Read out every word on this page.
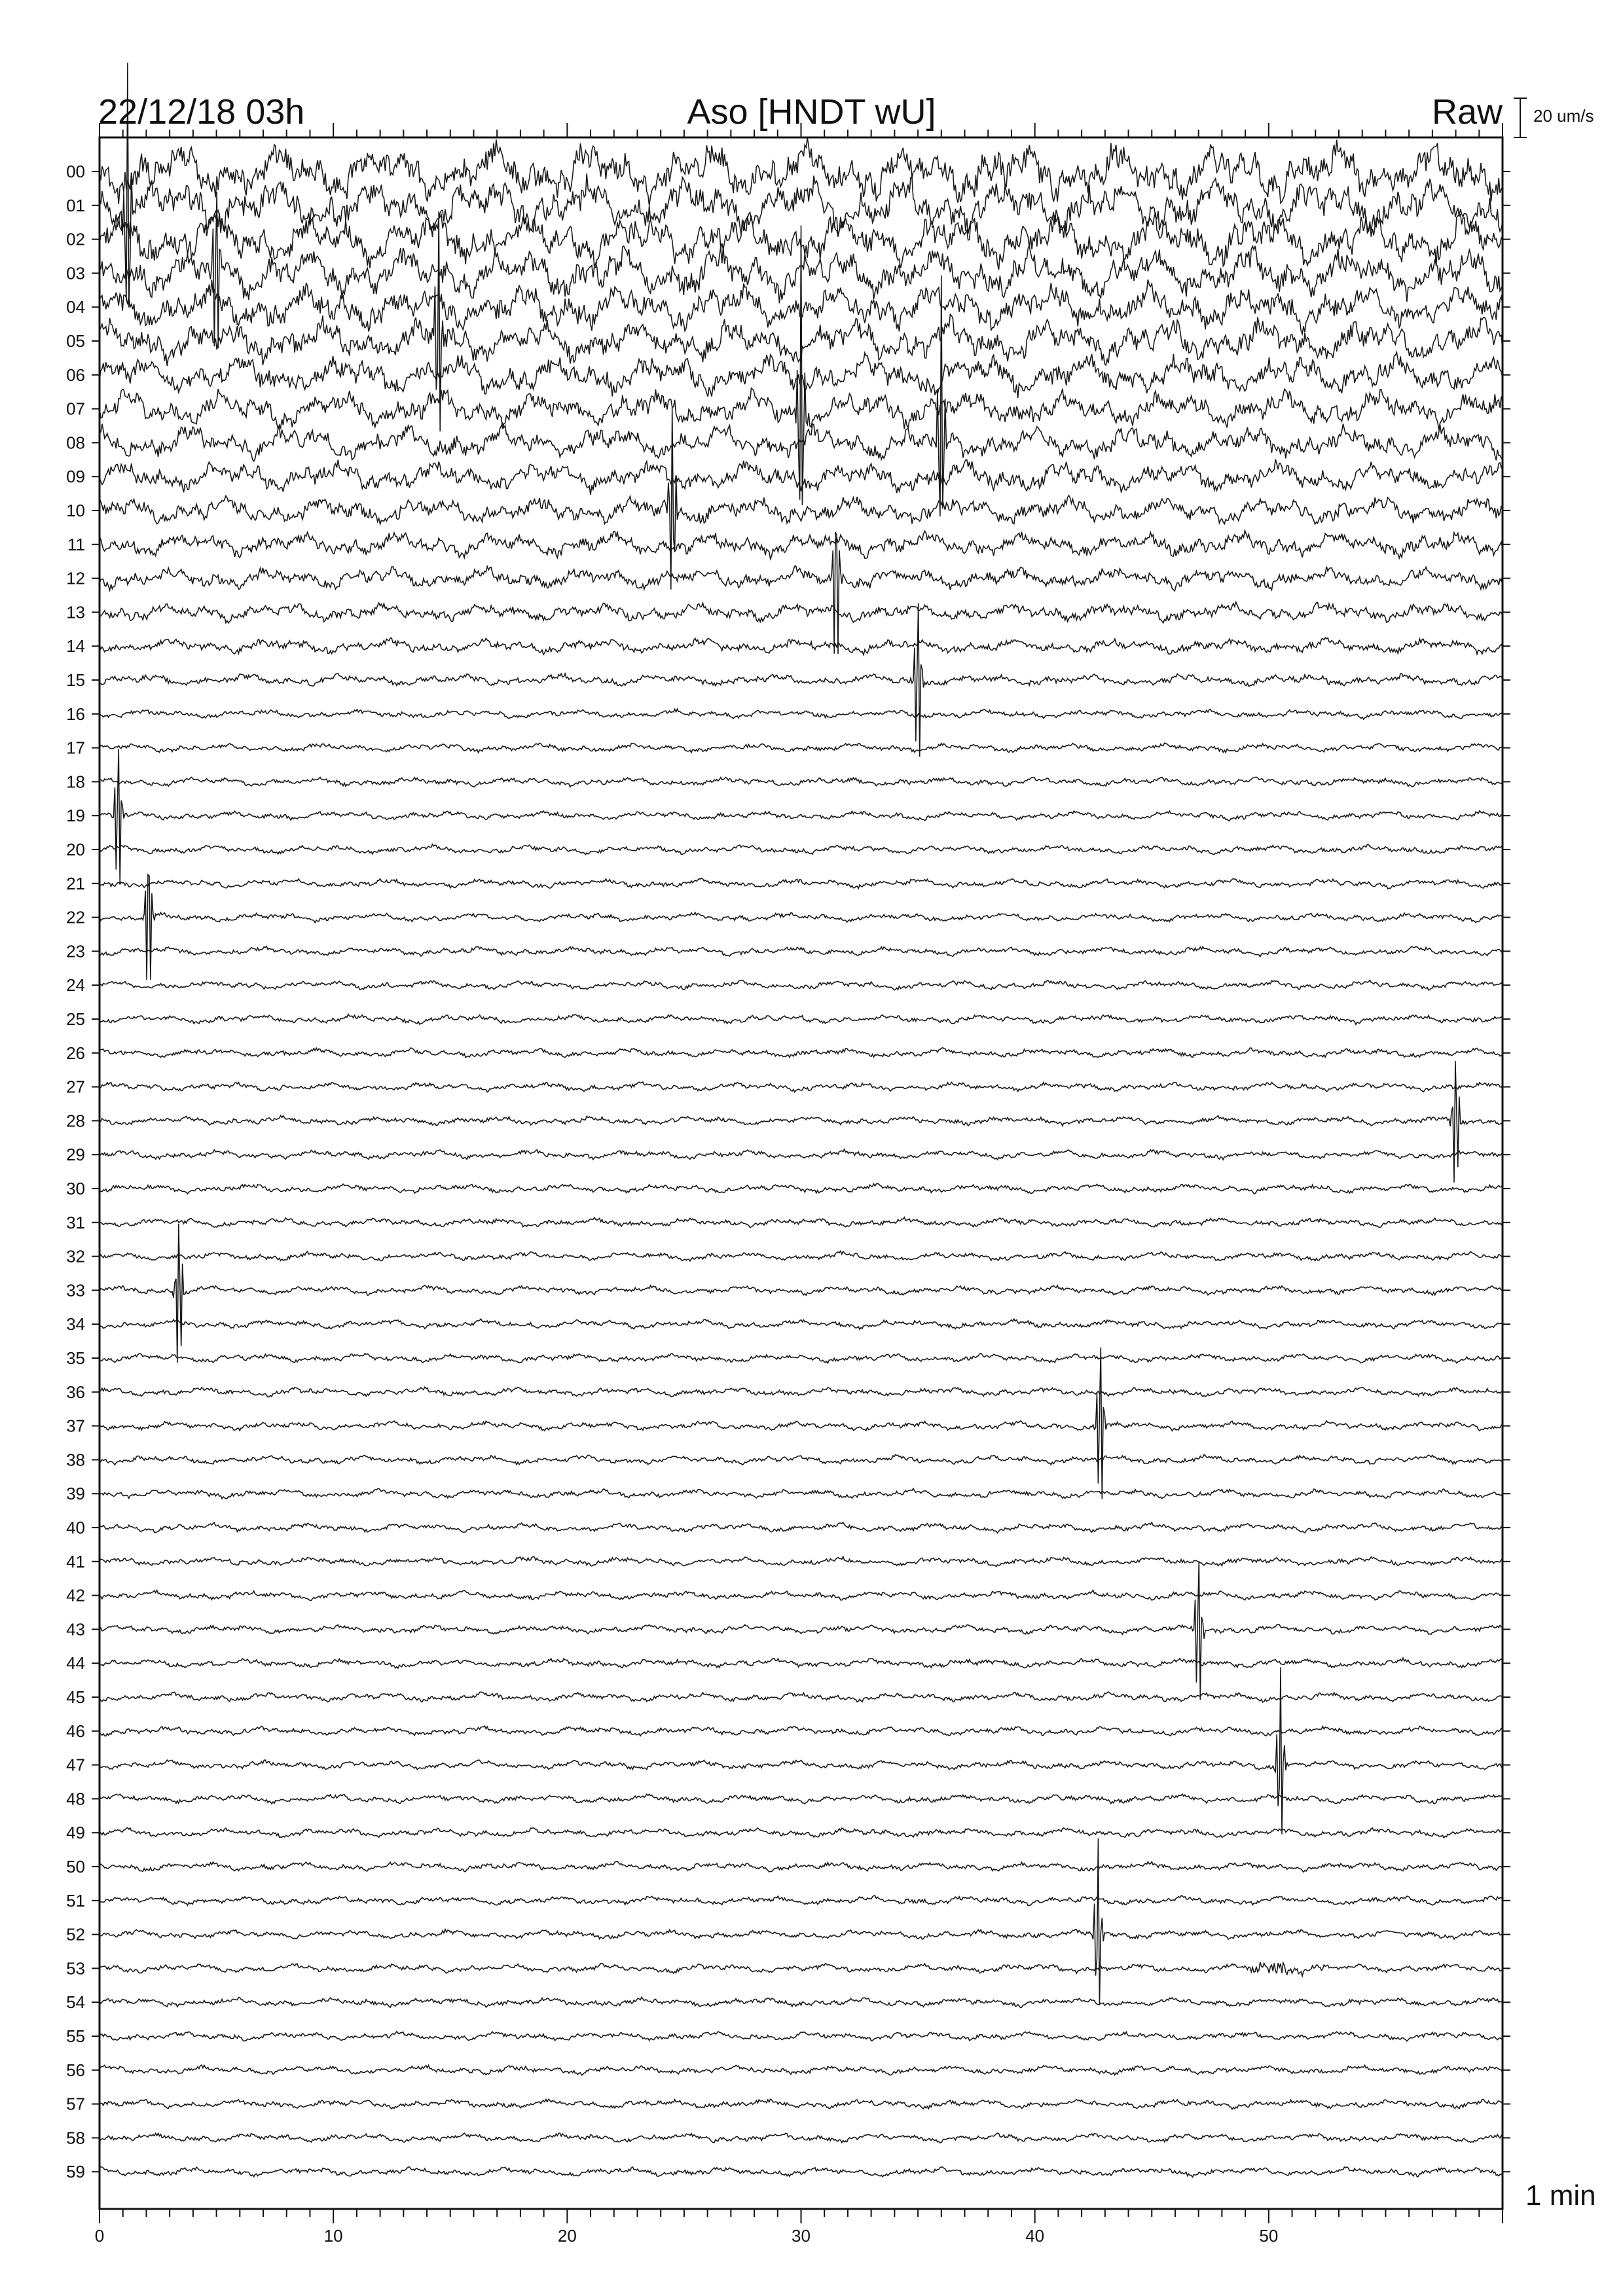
00
01
02
03
04
05
06
07
08
09
10
11
12
13
14
15
16
17
18
19
20
21
22
23
24
25
26
27
28
29
30
31
32
33
34
35
36
37
38
39
40
41
42
43
44
45
46
47
48
49
50
51
52
53
54
55
56
57
58
59
0	10	20	30	40	50
22/12/18 03h	Aso [HNDT wU]	Raw 20 um/s
1 min
